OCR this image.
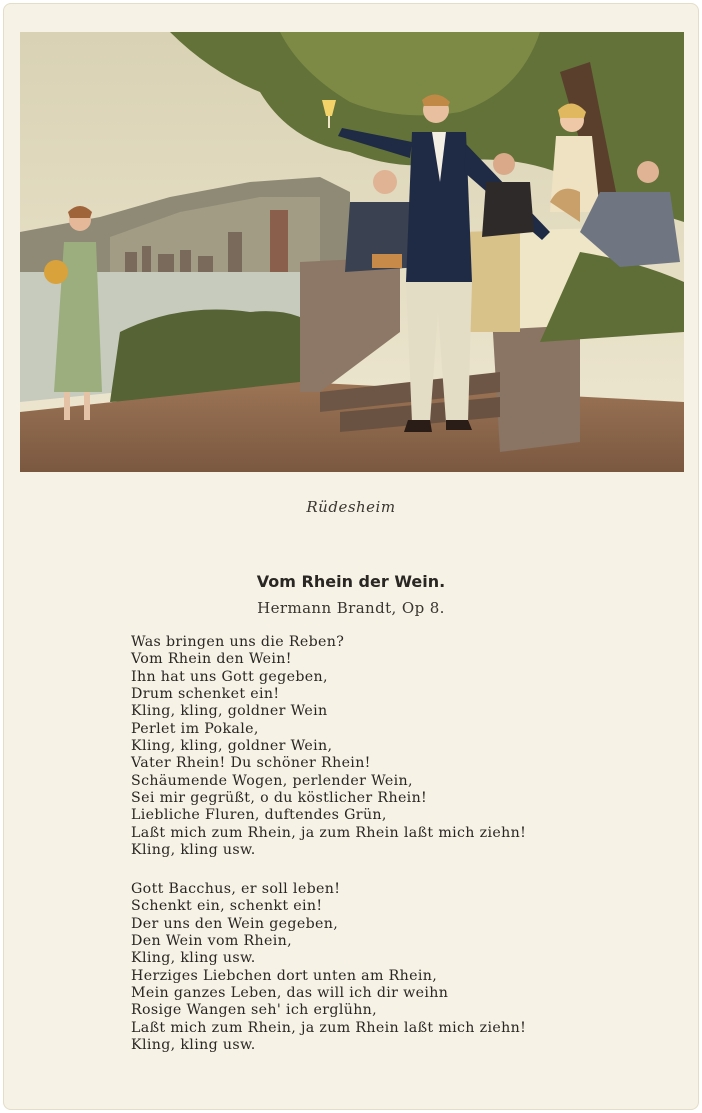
Rüdesheim
Vom Rhein der Wein.
Hermann Brandt, Op 8.
Was bringen uns die Reben?
Vom Rhein den Wein!
Ihn hat uns Gott gegeben,
Drum schenket ein!
Kling, kling, goldner Wein
Perlet im Pokale,
Kling, kling, goldner Wein,
Vater Rhein! Du schöner Rhein!
Schäumende Wogen, perlender Wein,
Sei mir gegrüßt, o du köstlicher Rhein!
Liebliche Fluren, duftendes Grün,
Laßt mich zum Rhein, ja zum Rhein laßt mich ziehn!
Kling, kling usw.
Gott Bacchus, er soll leben!
Schenkt ein, schenkt ein!
Der uns den Wein gegeben,
Den Wein vom Rhein,
Kling, kling usw.
Herziges Liebchen dort unten am Rhein,
Mein ganzes Leben, das will ich dir weihn
Rosige Wangen seh' ich erglühn,
Laßt mich zum Rhein, ja zum Rhein laßt mich ziehn!
Kling, kling usw.
